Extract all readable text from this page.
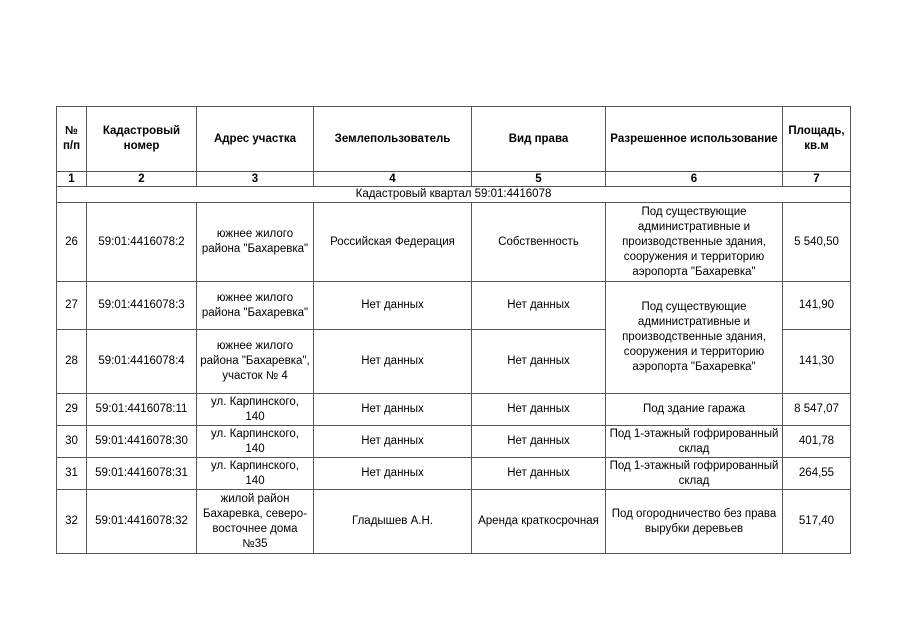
№ п/п	Кадастровый номер	Адрес участка	Землепользователь	Вид права	Разрешенное использование	Площадь, кв.м
1	2	3	4	5	6	7
Кадастровый квартал 59:01:4416078						
26	59:01:4416078:2	южнее жилого района "Бахаревка"	Российская Федерация	Собственность	Под существующие административные и производственные здания, сооружения и территорию аэропорта "Бахаревка"	5 540,50
27	59:01:4416078:3	южнее жилого района "Бахаревка"	Нет данных	Нет данных	Под существующие административные и производственные здания, сооружения и территорию аэропорта "Бахаревка"	141,90
28	59:01:4416078:4	южнее жилого района "Бахаревка", участок № 4	Нет данных	Нет данных		141,30
29	59:01:4416078:11	ул. Карпинского, 140	Нет данных	Нет данных	Под здание гаража	8 547,07
30	59:01:4416078:30	ул. Карпинского, 140	Нет данных	Нет данных	Под 1-этажный гофрированный склад	401,78
31	59:01:4416078:31	ул. Карпинского, 140	Нет данных	Нет данных	Под 1-этажный гофрированный склад	264,55
32	59:01:4416078:32	жилой район Бахаревка, северо-восточнее дома №35	Гладышев А.Н.	Аренда краткосрочная	Под огородничество без права вырубки деревьев	517,40
